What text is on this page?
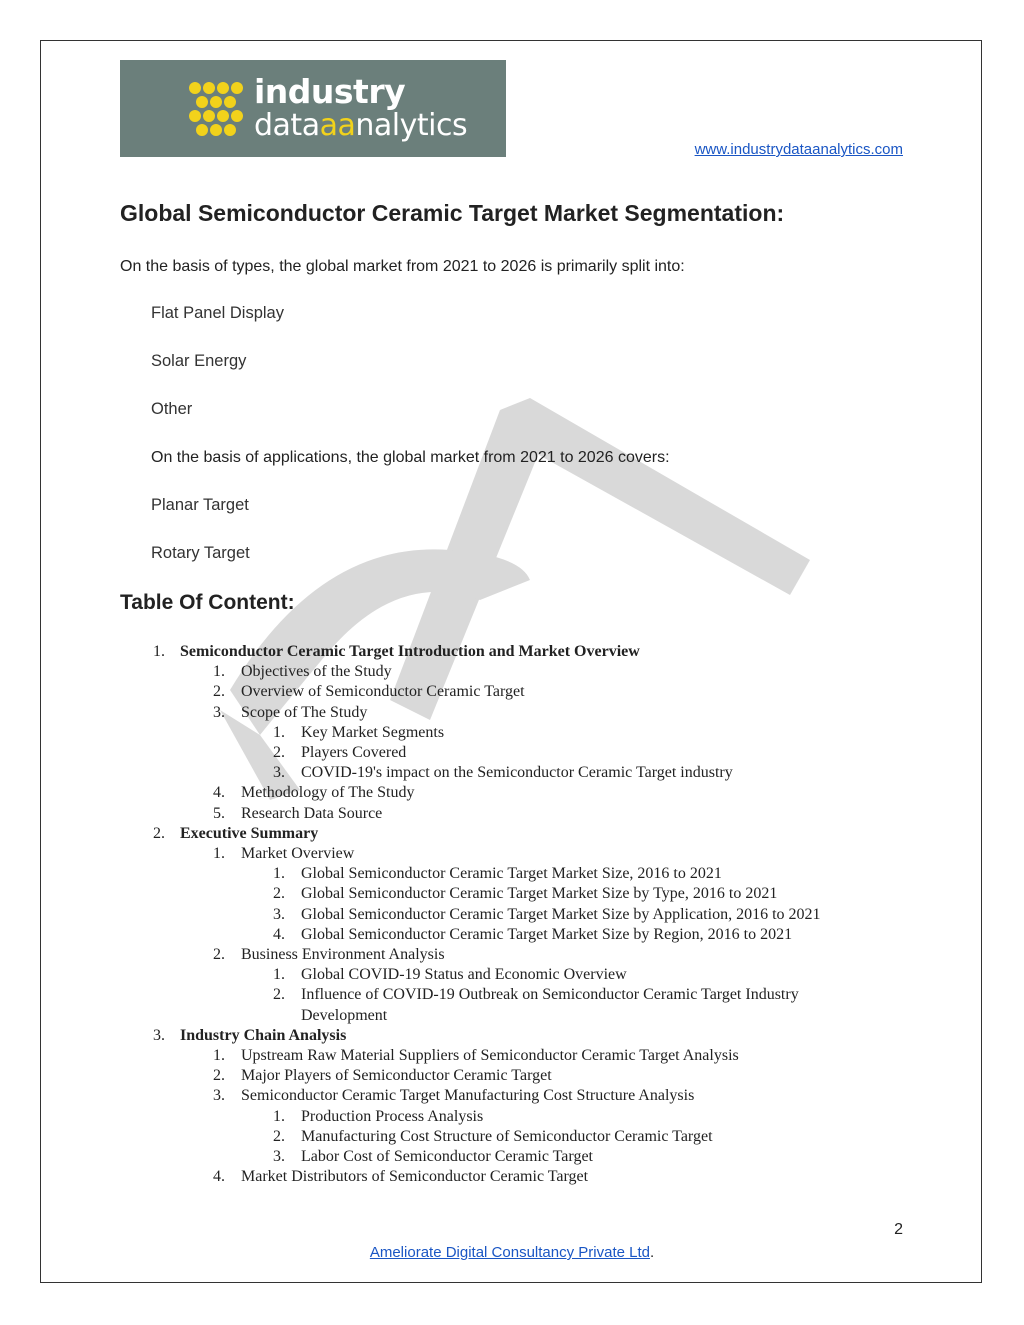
industry
dataaanalytics
www.industrydataanalytics.com
Global Semiconductor Ceramic Target Market Segmentation:

On the basis of types, the global market from 2021 to 2026 is primarily split into:

Flat Panel Display

Solar Energy

Other

On the basis of applications, the global market from 2021 to 2026 covers:

Planar Target

Rotary Target

Table Of Content:
1. Semiconductor Ceramic Target Introduction and Market Overview
1. Objectives of the Study
2. Overview of Semiconductor Ceramic Target
3. Scope of The Study
1. Key Market Segments
2. Players Covered
3. COVID-19's impact on the Semiconductor Ceramic Target industry
4. Methodology of The Study
5. Research Data Source
2. Executive Summary
1. Market Overview
1. Global Semiconductor Ceramic Target Market Size, 2016 to 2021
2. Global Semiconductor Ceramic Target Market Size by Type, 2016 to 2021
3. Global Semiconductor Ceramic Target Market Size by Application, 2016 to 2021
4. Global Semiconductor Ceramic Target Market Size by Region, 2016 to 2021
2. Business Environment Analysis
1. Global COVID-19 Status and Economic Overview
2. Influence of COVID-19 Outbreak on Semiconductor Ceramic Target Industry
Development
3. Industry Chain Analysis
1. Upstream Raw Material Suppliers of Semiconductor Ceramic Target Analysis
2. Major Players of Semiconductor Ceramic Target
3. Semiconductor Ceramic Target Manufacturing Cost Structure Analysis
1. Production Process Analysis
2. Manufacturing Cost Structure of Semiconductor Ceramic Target
3. Labor Cost of Semiconductor Ceramic Target
4. Market Distributors of Semiconductor Ceramic Target
2
Ameliorate Digital Consultancy Private Ltd.
